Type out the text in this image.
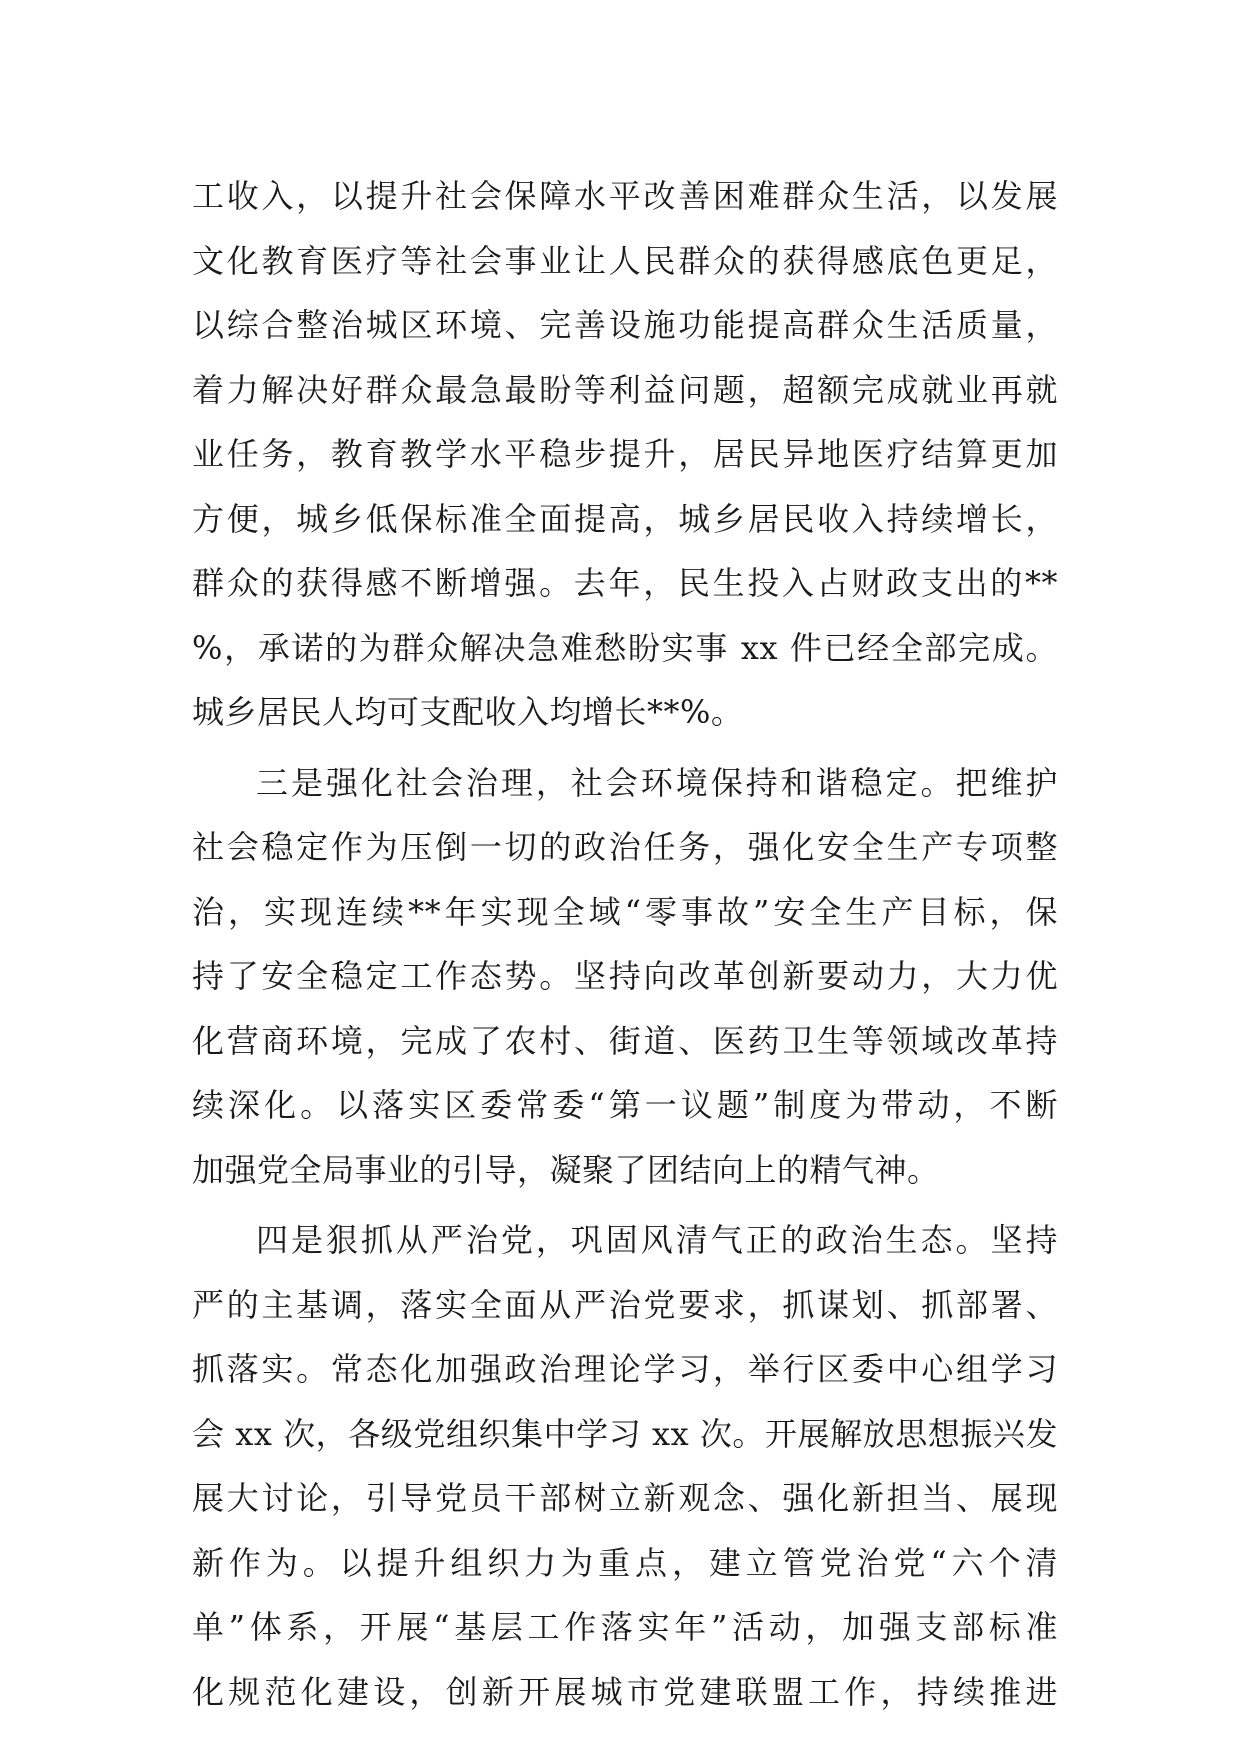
工收入，以提升社会保障水平改善困难群众生活，以发展
文化教育医疗等社会事业让人民群众的获得感底色更足，
以综合整治城区环境、完善设施功能提高群众生活质量，
着力解决好群众最急最盼等利益问题，超额完成就业再就
业任务，教育教学水平稳步提升，居民异地医疗结算更加
方便，城乡低保标准全面提高，城乡居民收入持续增长，
群众的获得感不断增强。去年，民生投入占财政支出的**
%，承诺的为群众解决急难愁盼实事 xx 件已经全部完成。
城乡居民人均可支配收入均增长**%。
三是强化社会治理，社会环境保持和谐稳定。把维护
社会稳定作为压倒一切的政治任务，强化安全生产专项整
治，实现连续**年实现全域“零事故”安全生产目标，保
持了安全稳定工作态势。坚持向改革创新要动力，大力优
化营商环境，完成了农村、街道、医药卫生等领域改革持
续深化。以落实区委常委“第一议题”制度为带动，不断
加强党全局事业的引导，凝聚了团结向上的精气神。
四是狠抓从严治党，巩固风清气正的政治生态。坚持
严的主基调，落实全面从严治党要求，抓谋划、抓部署、
抓落实。常态化加强政治理论学习，举行区委中心组学习
会 xx 次，各级党组织集中学习 xx 次。开展解放思想振兴发
展大讨论，引导党员干部树立新观念、强化新担当、展现
新作为。以提升组织力为重点，建立管党治党“六个清
单”体系，开展“基层工作落实年”活动，加强支部标准
化规范化建设，创新开展城市党建联盟工作，持续推进
